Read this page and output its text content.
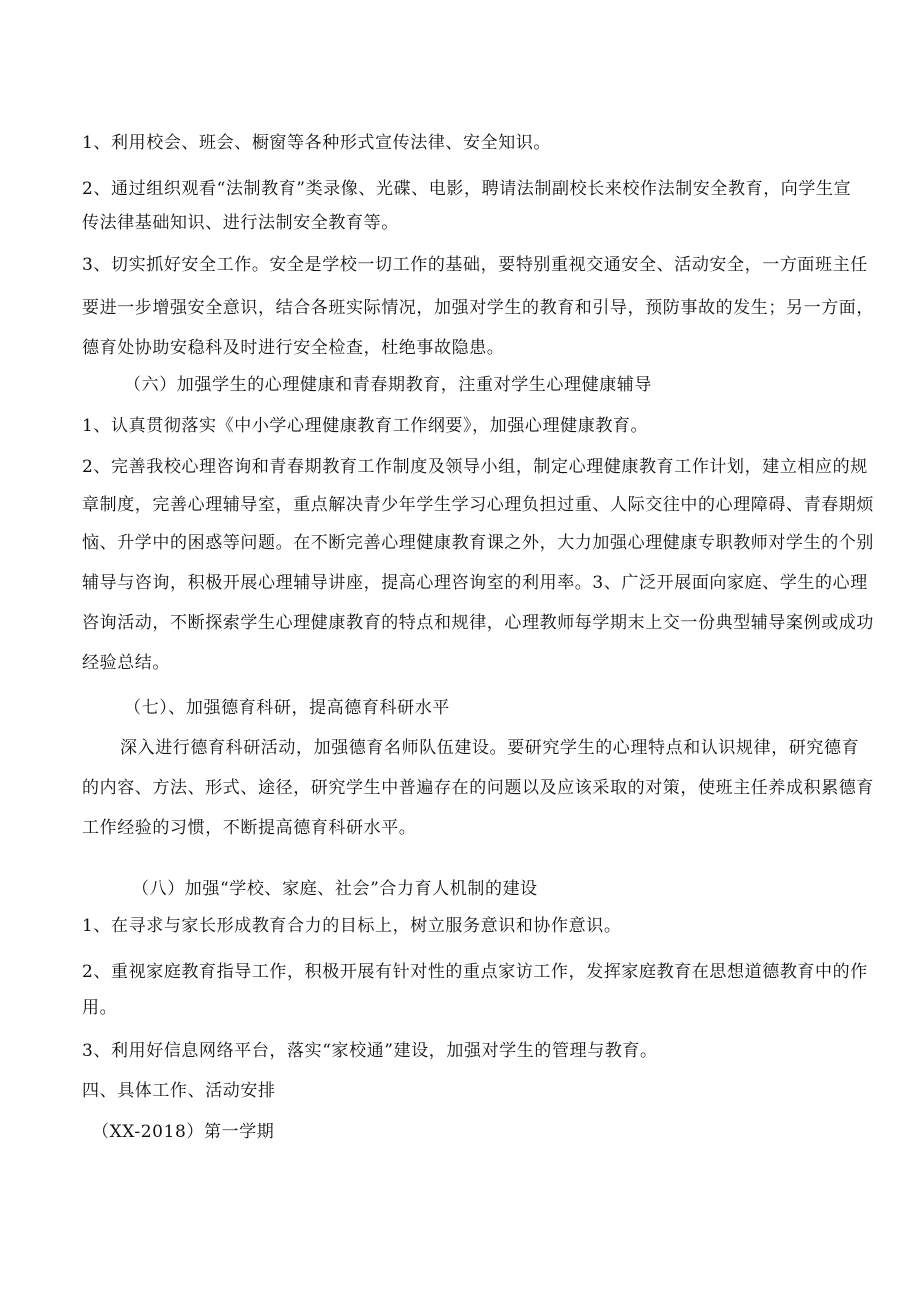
1、利用校会、班会、橱窗等各种形式宣传法律、安全知识。

2、通过组织观看“法制教育”类录像、光碟、电影，聘请法制副校长来校作法制安全教育，向学生宣

传法律基础知识、进行法制安全教育等。

3、切实抓好安全工作。安全是学校一切工作的基础，要特别重视交通安全、活动安全，一方面班主任

要进一步增强安全意识，结合各班实际情况，加强对学生的教育和引导，预防事故的发生；另一方面，

德育处协助安稳科及时进行安全检查，杜绝事故隐患。

（六）加强学生的心理健康和青春期教育，注重对学生心理健康辅导

1、认真贯彻落实《中小学心理健康教育工作纲要》，加强心理健康教育。

2、完善我校心理咨询和青春期教育工作制度及领导小组，制定心理健康教育工作计划，建立相应的规

章制度，完善心理辅导室，重点解决青少年学生学习心理负担过重、人际交往中的心理障碍、青春期烦

恼、升学中的困惑等问题。在不断完善心理健康教育课之外，大力加强心理健康专职教师对学生的个别

辅导与咨询，积极开展心理辅导讲座，提高心理咨询室的利用率。3、广泛开展面向家庭、学生的心理

咨询活动，不断探索学生心理健康教育的特点和规律，心理教师每学期末上交一份典型辅导案例或成功

经验总结。

（七）、加强德育科研，提高德育科研水平

深入进行德育科研活动，加强德育名师队伍建设。要研究学生的心理特点和认识规律，研究德育

的内容、方法、形式、途径，研究学生中普遍存在的问题以及应该采取的对策，使班主任养成积累德育

工作经验的习惯，不断提高德育科研水平。

（八）加强“学校、家庭、社会”合力育人机制的建设

1、在寻求与家长形成教育合力的目标上，树立服务意识和协作意识。

2、重视家庭教育指导工作，积极开展有针对性的重点家访工作，发挥家庭教育在思想道德教育中的作

用。

3、利用好信息网络平台，落实“家校通”建设，加强对学生的管理与教育。

四、具体工作、活动安排

（XX-2018）第一学期
